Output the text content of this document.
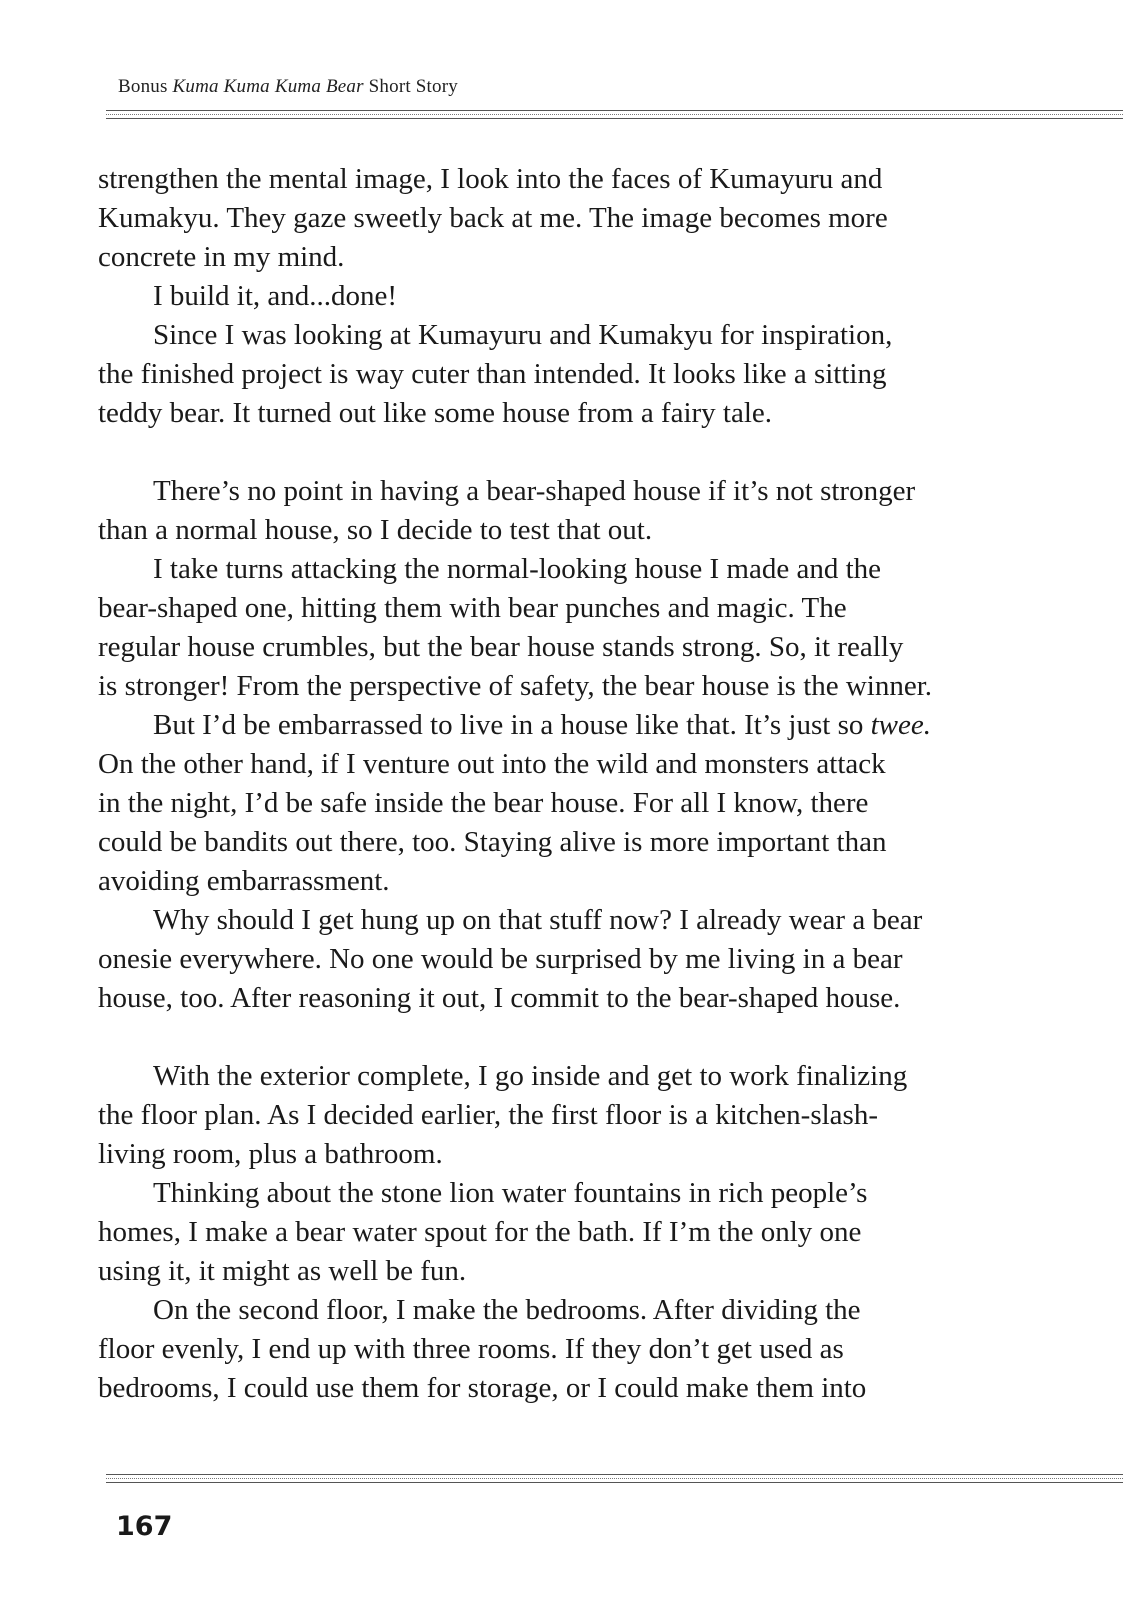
Bonus Kuma Kuma Kuma Bear Short Story
strengthen the mental image, I look into the faces of Kumayuru and
Kumakyu. They gaze sweetly back at me. The image becomes more
concrete in my mind.
I build it, and...done!
Since I was looking at Kumayuru and Kumakyu for inspiration,
the finished project is way cuter than intended. It looks like a sitting
teddy bear. It turned out like some house from a fairy tale.
There’s no point in having a bear-shaped house if it’s not stronger
than a normal house, so I decide to test that out.
I take turns attacking the normal-looking house I made and the
bear-shaped one, hitting them with bear punches and magic. The
regular house crumbles, but the bear house stands strong. So, it really
is stronger! From the perspective of safety, the bear house is the winner.
But I’d be embarrassed to live in a house like that. It’s just so twee.
On the other hand, if I venture out into the wild and monsters attack
in the night, I’d be safe inside the bear house. For all I know, there
could be bandits out there, too. Staying alive is more important than
avoiding embarrassment.
Why should I get hung up on that stuff now? I already wear a bear
onesie everywhere. No one would be surprised by me living in a bear
house, too. After reasoning it out, I commit to the bear-shaped house.
With the exterior complete, I go inside and get to work finalizing
the floor plan. As I decided earlier, the first floor is a kitchen-slash-
living room, plus a bathroom.
Thinking about the stone lion water fountains in rich people’s
homes, I make a bear water spout for the bath. If I’m the only one
using it, it might as well be fun.
On the second floor, I make the bedrooms. After dividing the
floor evenly, I end up with three rooms. If they don’t get used as
bedrooms, I could use them for storage, or I could make them into
167
